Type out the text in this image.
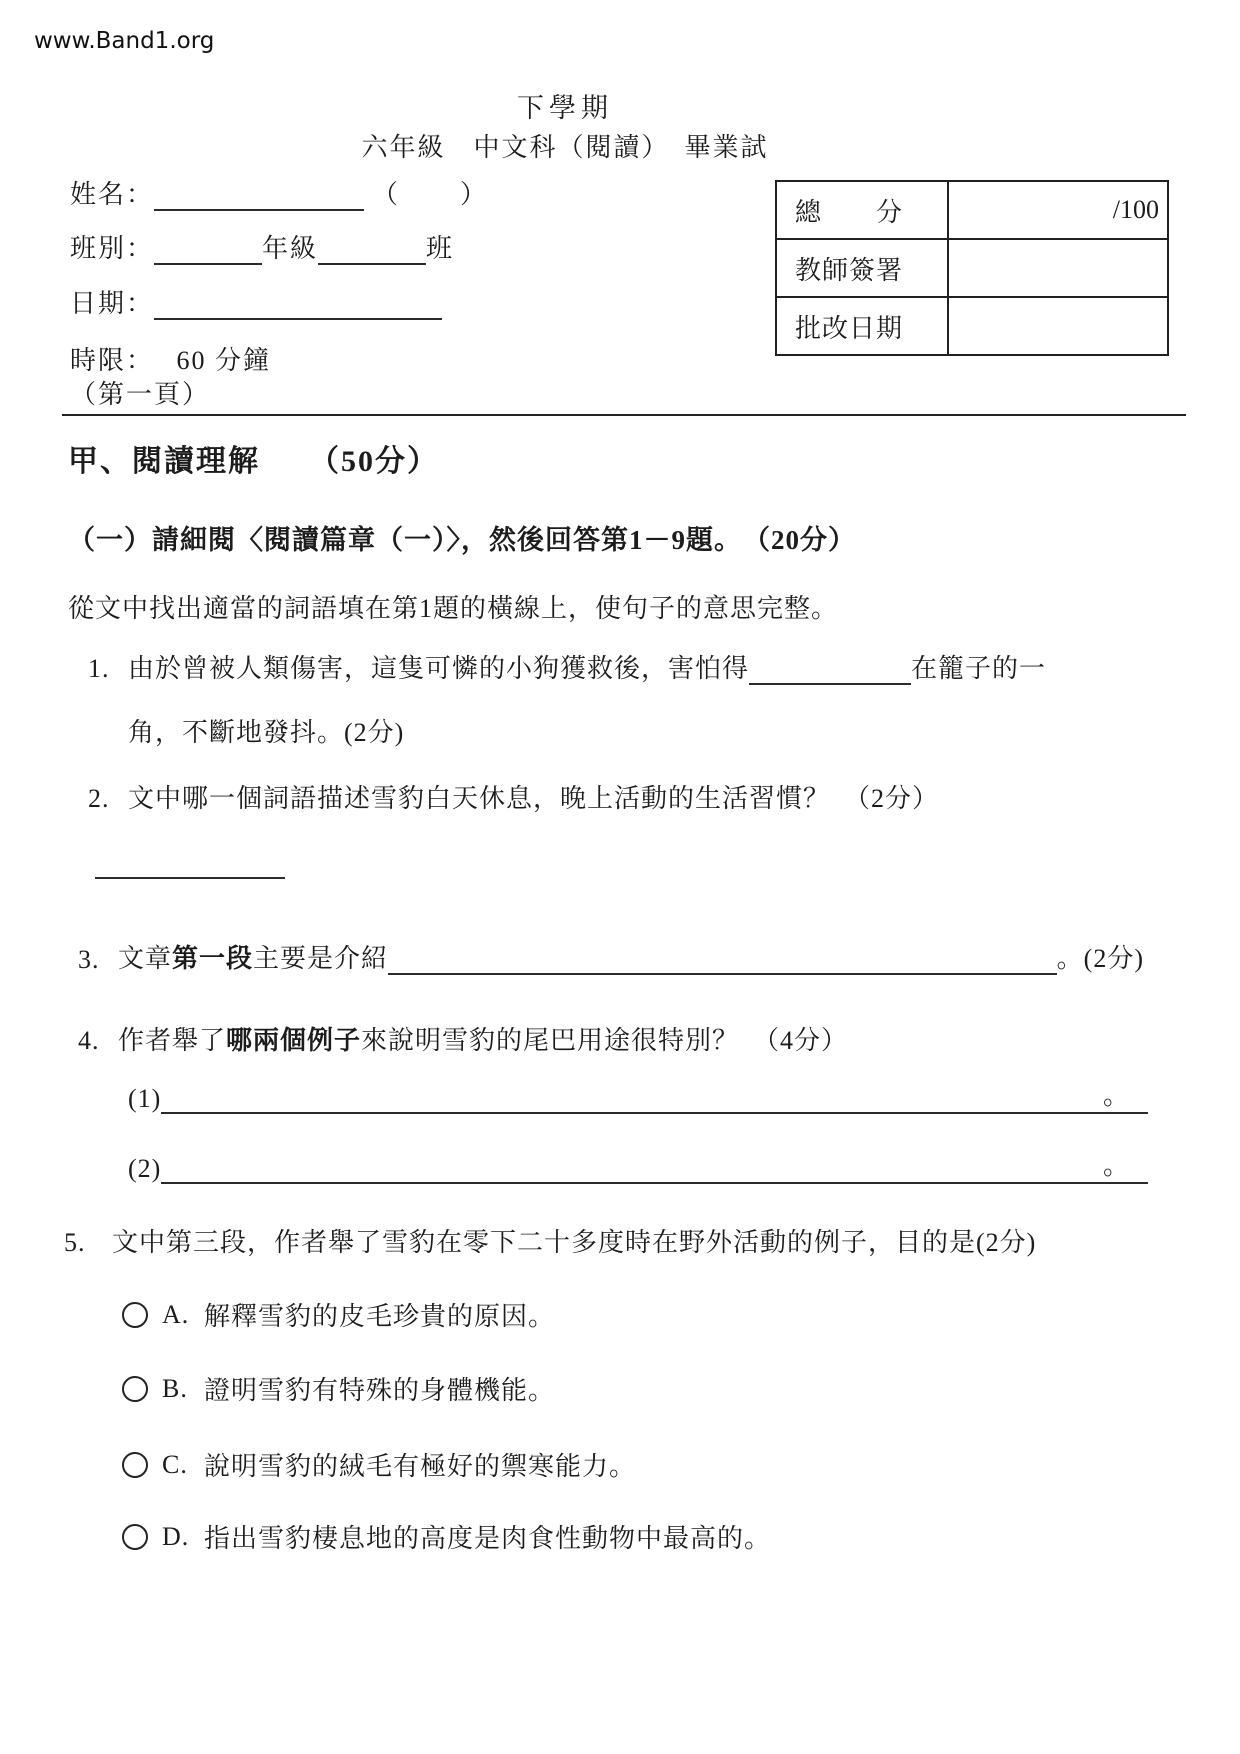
www.Band1.org
下學期
六年級　中文科（閱讀）　畢業試
姓名：	（ ）
班別：	年級	班
日期：
時限： 60 分鐘
（第一頁）
總　　分	/100
教師簽署
批改日期
甲、閱讀理解　　（50分）
（一）請細閱〈閱讀篇章（一）〉，然後回答第1－9題。　（20分）
從文中找出適當的詞語填在第1題的橫線上，使句子的意思完整。
1. 由於曾被人類傷害，這隻可憐的小狗獲救後，害怕得	在籠子的一
角，不斷地發抖。(2分)
2. 文中哪一個詞語描述雪豹白天休息，晚上活動的生活習慣？　（2分）
3. 文章 第一段 主要是介紹	。(2分)
4. 作者舉了哪兩個例子來說明雪豹的尾巴用途很特別？　（4分）
(1)	。
(2)	。
5. 文中第三段，作者舉了雪豹在零下二十多度時在野外活動的例子，目的是(2分)
A. 解釋雪豹的皮毛珍貴的原因。
B. 證明雪豹有特殊的身體機能。
C. 說明雪豹的絨毛有極好的禦寒能力。
D. 指出雪豹棲息地的高度是肉食性動物中最高的。
